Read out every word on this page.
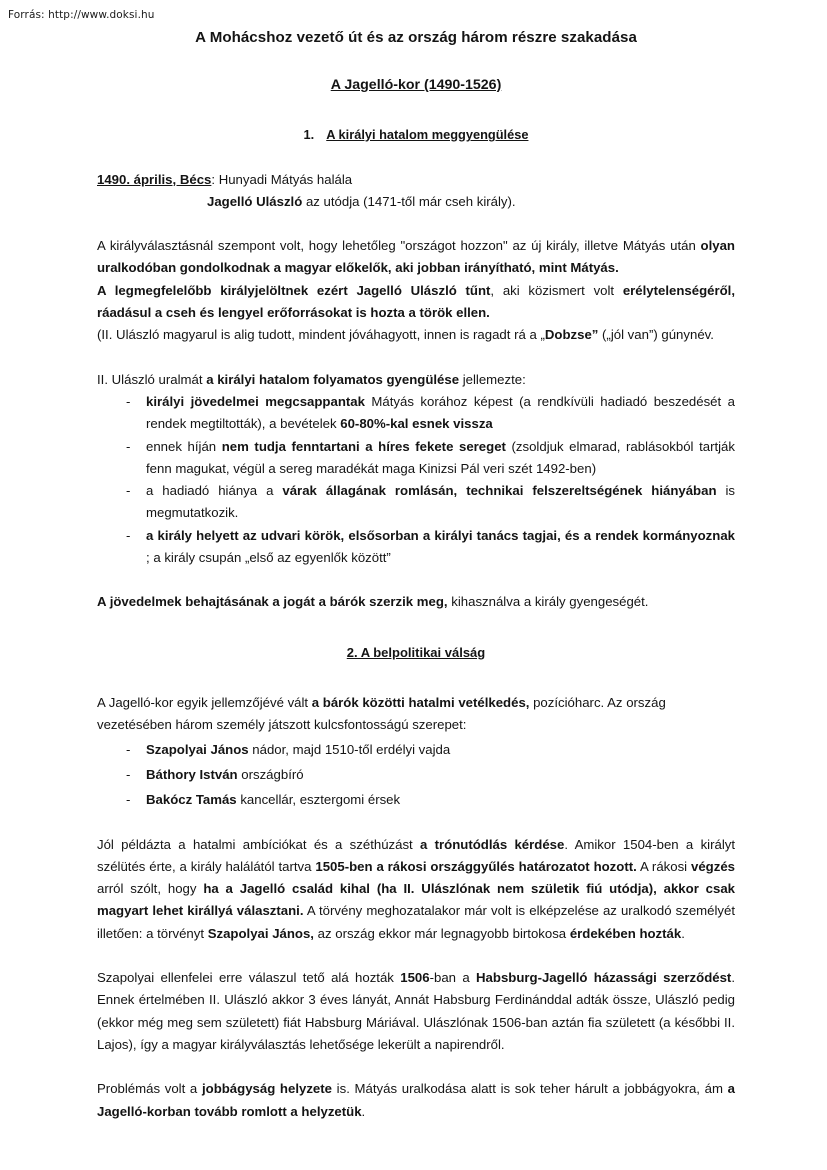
Forrás: http://www.doksi.hu
A Mohácshoz vezető út és az ország három részre szakadása
A Jagelló-kor (1490-1526)
1. A királyi hatalom meggyengülése

1490. április, Bécs: Hunyadi Mátyás halála

Jagelló Ulászló az utódja (1471-től már cseh király).

A királyválasztásnál szempont volt, hogy lehetőleg "országot hozzon" az új király, illetve Mátyás után olyan uralkodóban gondolkodnak a magyar előkelők, aki jobban irányítható, mint Mátyás.

A legmegfelelőbb királyjelöltnek ezért Jagelló Ulászló tűnt, aki közismert volt erélytelenségéről, ráadásul a cseh és lengyel erőforrásokat is hozta a török ellen.

(II. Ulászló magyarul is alig tudott, mindent jóváhagyott, innen is ragadt rá a „Dobzse” („jól van”) gúnynév.

II. Ulászló uralmát a királyi hatalom folyamatos gyengülése jellemezte:

- királyi jövedelmei megcsappantak Mátyás korához képest (a rendkívüli hadiadó beszedését a rendek megtiltották), a bevételek 60-80%-kal esnek vissza
- ennek híján nem tudja fenntartani a híres fekete sereget (zsoldjuk elmarad, rablásokból tartják fenn magukat, végül a sereg maradékát maga Kinizsi Pál veri szét 1492-ben)
- a hadiadó hiánya a várak állagának romlásán, technikai felszereltségének hiányában is megmutatkozik.
- a király helyett az udvari körök, elsősorban a királyi tanács tagjai, és a rendek kormányoznak ; a király csupán „első az egyenlők között”

A jövedelmek behajtásának a jogát a bárók szerzik meg, kihasználva a király gyengeségét.

2. A belpolitikai válság

A Jagelló-kor egyik jellemzőjévé vált a bárók közötti hatalmi vetélkedés, pozícióharc. Az ország vezetésében három személy játszott kulcsfontosságú szerepet:

- Szapolyai János nádor, majd 1510-től erdélyi vajda
- Báthory István országbíró
- Bakócz Tamás kancellár, esztergomi érsek

Jól példázta a hatalmi ambíciókat és a széthúzást a trónutódlás kérdése. Amikor 1504-ben a királyt szélütés érte, a király halálától tartva 1505-ben a rákosi országgyűlés határozatot hozott. A rákosi végzés arról szólt, hogy ha a Jagelló család kihal (ha II. Ulászlónak nem születik fiú utódja), akkor csak magyart lehet királlyá választani. A törvény meghozatalakor már volt is elképzelése az uralkodó személyét illetően: a törvényt Szapolyai János, az ország ekkor már legnagyobb birtokosa érdekében hozták.

Szapolyai ellenfelei erre válaszul tető alá hozták 1506-ban a Habsburg-Jagelló házassági szerződést. Ennek értelmében II. Ulászló akkor 3 éves lányát, Annát Habsburg Ferdinánddal adták össze, Ulászló pedig (ekkor még meg sem született) fiát Habsburg Máriával. Ulászlónak 1506-ban aztán fia született (a későbbi II. Lajos), így a magyar királyválasztás lehetősége lekerült a napirendről.

Problémás volt a jobbágyság helyzete is. Mátyás uralkodása alatt is sok teher hárult a jobbágyokra, ám a Jagelló-korban tovább romlott a helyzetük.
